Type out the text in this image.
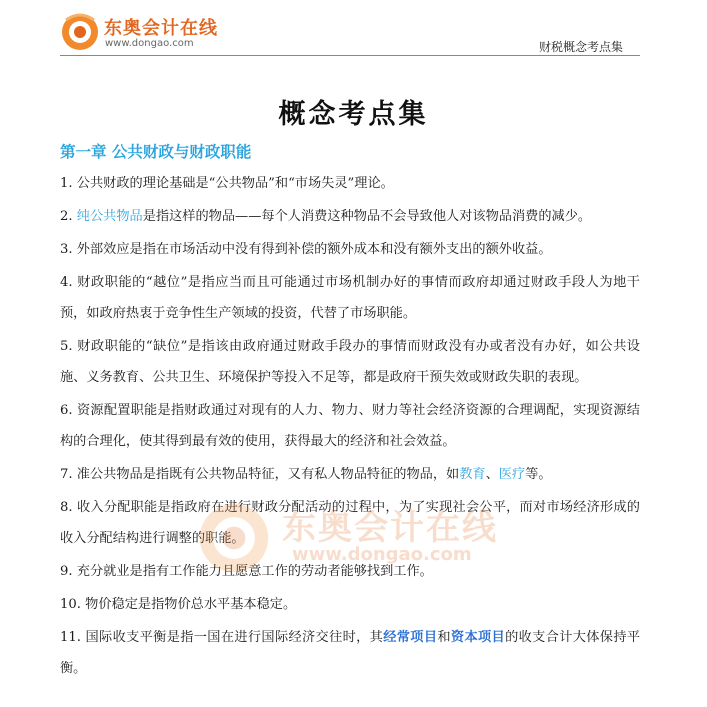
东奥会计在线
www.dongao.com	财税概念考点集
概念考点集
第一章 公共财政与财政职能

1. 公共财政的理论基础是“公共物品”和“市场失灵”理论。

2. 纯公共物品是指这样的物品——每个人消费这种物品不会导致他人对该物品消费的减少。

3. 外部效应是指在市场活动中没有得到补偿的额外成本和没有额外支出的额外收益。

4. 财政职能的“越位”是指应当而且可能通过市场机制办好的事情而政府却通过财政手段人为地干预，如政府热衷于竞争性生产领域的投资，代替了市场职能。

5. 财政职能的“缺位”是指该由政府通过财政手段办的事情而财政没有办或者没有办好，如公共设施、义务教育、公共卫生、环境保护等投入不足等，都是政府干预失效或财政失职的表现。

6. 资源配置职能是指财政通过对现有的人力、物力、财力等社会经济资源的合理调配，实现资源结构的合理化，使其得到最有效的使用，获得最大的经济和社会效益。

7. 准公共物品是指既有公共物品特征，又有私人物品特征的物品，如教育、医疗等。

8. 收入分配职能是指政府在进行财政分配活动的过程中，为了实现社会公平，而对市场经济形成的收入分配结构进行调整的职能。

9. 充分就业是指有工作能力且愿意工作的劳动者能够找到工作。

10. 物价稳定是指物价总水平基本稳定。

11. 国际收支平衡是指一国在进行国际经济交往时，其经常项目和资本项目的收支合计大体保持平衡。

东奥会计在线
www.dongao.com
